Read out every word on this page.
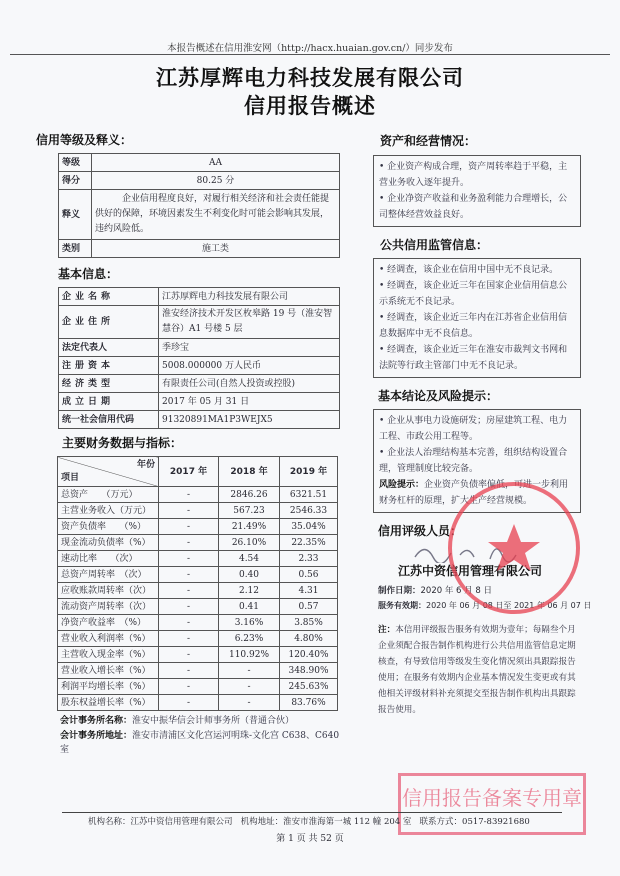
本报告概述在信用淮安网（http://hacx.huaian.gov.cn/）同步发布
江苏厚辉电力科技发展有限公司
信用报告概述
信用等级及释义：
等级	AA
得分	80.25 分
释义	企业信用程度良好，对履行相关经济和社会责任能提供好的保障，环境因素发生不利变化时可能会影响其发展，违约风险低。
类别	施工类
基本信息：
企业名称	江苏厚辉电力科技发展有限公司
企业住所	淮安经济技术开发区枚皋路 19 号（淮安智慧谷）A1 号楼 5 层
法定代表人	季珍宝
注册资本	5008.000000 万人民币
经济类型	有限责任公司(自然人投资或控股)
成立日期	2017 年 05 月 31 日
统一社会信用代码	91320891MA1P3WEJX5
主要财务数据与指标：
年份
项目	2017 年	2018 年	2019 年
总资产　　（万元）	-	2846.26	6321.51
主营业务收入（万元）	-	567.23	2546.33
资产负债率　　（%）	-	21.49%	35.04%
现金流动负债率（%）	-	26.10%	22.35%
速动比率　　（次）	-	4.54	2.33
总资产周转率　（次）	-	0.40	0.56
应收账款周转率（次）	-	2.12	4.31
流动资产周转率（次）	-	0.41	0.57
净资产收益率　（%）	-	3.16%	3.85%
营业收入利润率（%）	-	6.23%	4.80%
主营收入现金率（%）	-	110.92%	120.40%
营业收入增长率（%）	-	-	348.90%
利润平均增长率（%）	-	-	245.63%
股东权益增长率（%）	-	-	83.76%
会计事务所名称：淮安中振华信会计师事务所（普通合伙）
会计事务所地址：淮安市清浦区文化宫运河明珠-文化宫 C638、C640 室
资产和经营情况：
• 企业资产构成合理，资产周转率趋于平稳，主营业务收入逐年提升。
• 企业净资产收益和业务盈利能力合理增长，公司整体经营效益良好。
公共信用监管信息：
• 经调查，该企业在信用中国中无不良记录。
• 经调查，该企业近三年在国家企业信用信息公示系统无不良记录。
• 经调查，该企业近三年内在江苏省企业信用信息数据库中无不良信息。
• 经调查，该企业近三年在淮安市裁判文书网和法院等行政主管部门中无不良记录。
基本结论及风险提示：
• 企业从事电力设施研发；房屋建筑工程、电力工程、市政公用工程等。
• 企业法人治理结构基本完善，组织结构设置合理，管理制度比较完备。
风险提示：企业资产负债率偏低，可进一步利用财务杠杆的原理，扩大生产经营规模。
信用评级人员：
江苏中资信用管理有限公司
制作日期：2020 年 6 月 8 日
服务有效期：2020 年 06 月 08 日至 2021 年 06 月 07 日
注：本信用评级报告服务有效期为壹年；每隔叁个月企业须配合报告制作机构进行公共信用监管信息定期核查，有导致信用等级发生变化情况须出具跟踪报告使用；在服务有效期内企业基本情况发生变更或有其他相关评级材料补充须提交至报告制作机构出具跟踪报告使用。
信用报告备案专用章
机构名称：江苏中资信用管理有限公司 机构地址：淮安市淮海第一城 112 幢 204 室 联系方式：0517-83921680
第 1 页 共 52 页
